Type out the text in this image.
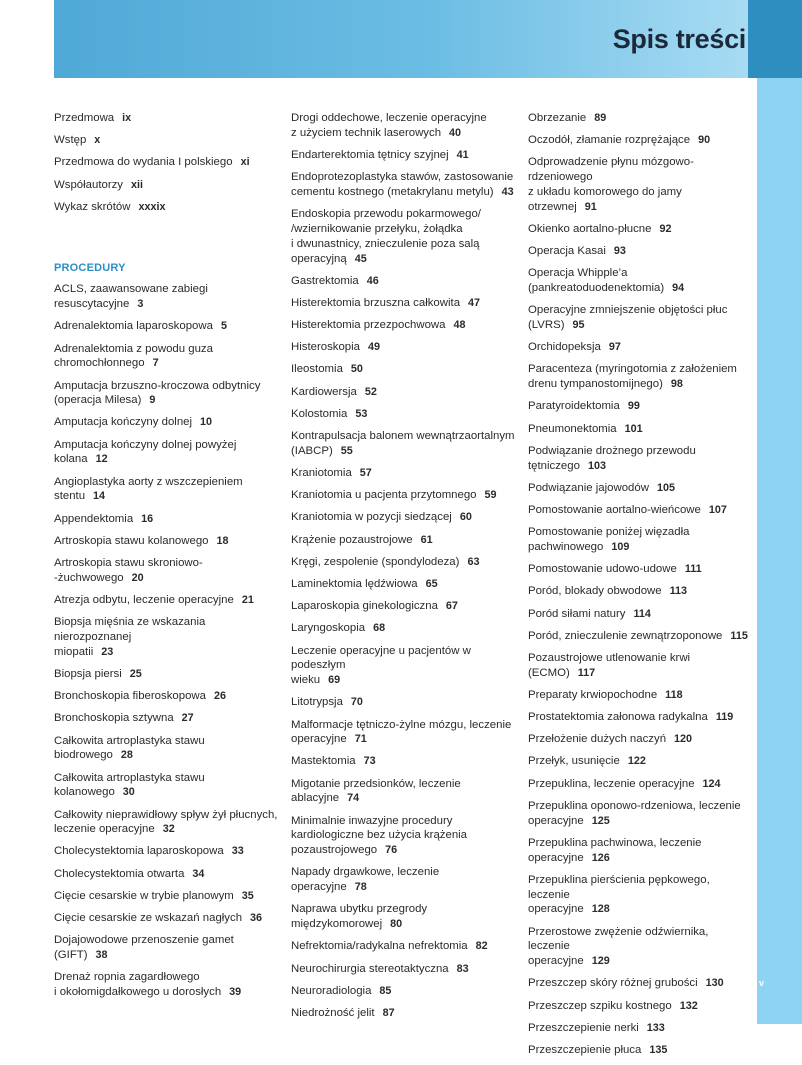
Spis treści
Przedmowa ix
Wstęp x
Przedmowa do wydania I polskiego xi
Współautorzy xii
Wykaz skrótów xxxix
PROCEDURY
ACLS, zaawansowane zabiegi
resuscytacyjne 3
Adrenalektomia laparoskopowa 5
Adrenalektomia z powodu guza
chromochłonnego 7
Amputacja brzuszno-kroczowa odbytnicy
(operacja Milesa) 9
Amputacja kończyny dolnej 10
Amputacja kończyny dolnej powyżej
kolana 12
Angioplastyka aorty z wszczepieniem
stentu 14
Appendektomia 16
Artroskopia stawu kolanowego 18
Artroskopia stawu skroniowo-
-żuchwowego 20
Atrezja odbytu, leczenie operacyjne 21
Biopsja mięśnia ze wskazania nierozpoznanej
miopatii 23
Biopsja piersi 25
Bronchoskopia fiberoskopowa 26
Bronchoskopia sztywna 27
Całkowita artroplastyka stawu
biodrowego 28
Całkowita artroplastyka stawu
kolanowego 30
Całkowity nieprawidłowy spływ żył płucnych,
leczenie operacyjne 32
Cholecystektomia laparoskopowa 33
Cholecystektomia otwarta 34
Cięcie cesarskie w trybie planowym 35
Cięcie cesarskie ze wskazań nagłych 36
Dojajowodowe przenoszenie gamet
(GIFT) 38
Drenaż ropnia zagardłowego
i okołomigdałkowego u dorosłych 39
Drogi oddechowe, leczenie operacyjne
z użyciem technik laserowych 40
Endarterektomia tętnicy szyjnej 41
Endoprotezoplastyka stawów, zastosowanie
cementu kostnego (metakrylanu metylu) 43
Endoskopia przewodu pokarmowego/
/wziernikowanie przełyku, żołądka
i dwunastnicy, znieczulenie poza salą
operacyjną 45
Gastrektomia 46
Histerektomia brzuszna całkowita 47
Histerektomia przezpochwowa 48
Histeroskopia 49
Ileostomia 50
Kardiowersja 52
Kolostomia 53
Kontrapulsacja balonem wewnątrzaortalnym
(IABCP) 55
Kraniotomia 57
Kraniotomia u pacjenta przytomnego 59
Kraniotomia w pozycji siedzącej 60
Krążenie pozaustrojowe 61
Kręgi, zespolenie (spondylodeza) 63
Laminektomia lędźwiowa 65
Laparoskopia ginekologiczna 67
Laryngoskopia 68
Leczenie operacyjne u pacjentów w podeszłym
wieku 69
Litotrypsja 70
Malformacje tętniczo-żylne mózgu, leczenie
operacyjne 71
Mastektomia 73
Migotanie przedsionków, leczenie
ablacyjne 74
Minimalnie inwazyjne procedury
kardiologiczne bez użycia krążenia
pozaustrojowego 76
Napady drgawkowe, leczenie operacyjne 78
Naprawa ubytku przegrody
międzykomorowej 80
Nefrektomia/radykalna nefrektomia 82
Neurochirurgia stereotaktyczna 83
Neuroradiologia 85
Niedrożność jelit 87
Obrzezanie 89
Oczodół, złamanie rozprężające 90
Odprowadzenie płynu mózgowo-rdzeniowego
z układu komorowego do jamy otrzewnej 91
Okienko aortalno-płucne 92
Operacja Kasai 93
Operacja Whipple’a
(pankreatoduodenektomia) 94
Operacyjne zmniejszenie objętości płuc
(LVRS) 95
Orchidopeksja 97
Paracenteza (myringotomia z założeniem
drenu tympanostomijnego) 98
Paratyroidektomia 99
Pneumonektomia 101
Podwiązanie drożnego przewodu
tętniczego 103
Podwiązanie jajowodów 105
Pomostowanie aortalno-wieńcowe 107
Pomostowanie poniżej więzadła
pachwinowego 109
Pomostowanie udowo-udowe 111
Poród, blokady obwodowe 113
Poród siłami natury 114
Poród, znieczulenie zewnątrzoponowe 115
Pozaustrojowe utlenowanie krwi
(ECMO) 117
Preparaty krwiopochodne 118
Prostatektomia załonowa radykalna 119
Przełożenie dużych naczyń 120
Przełyk, usunięcie 122
Przepuklina, leczenie operacyjne 124
Przepuklina oponowo-rdzeniowa, leczenie
operacyjne 125
Przepuklina pachwinowa, leczenie
operacyjne 126
Przepuklina pierścienia pępkowego, leczenie
operacyjne 128
Przerostowe zwężenie odźwiernika, leczenie
operacyjne 129
Przeszczep skóry różnej grubości 130
Przeszczep szpiku kostnego 132
Przeszczepienie nerki 133
Przeszczepienie płuca 135
v
